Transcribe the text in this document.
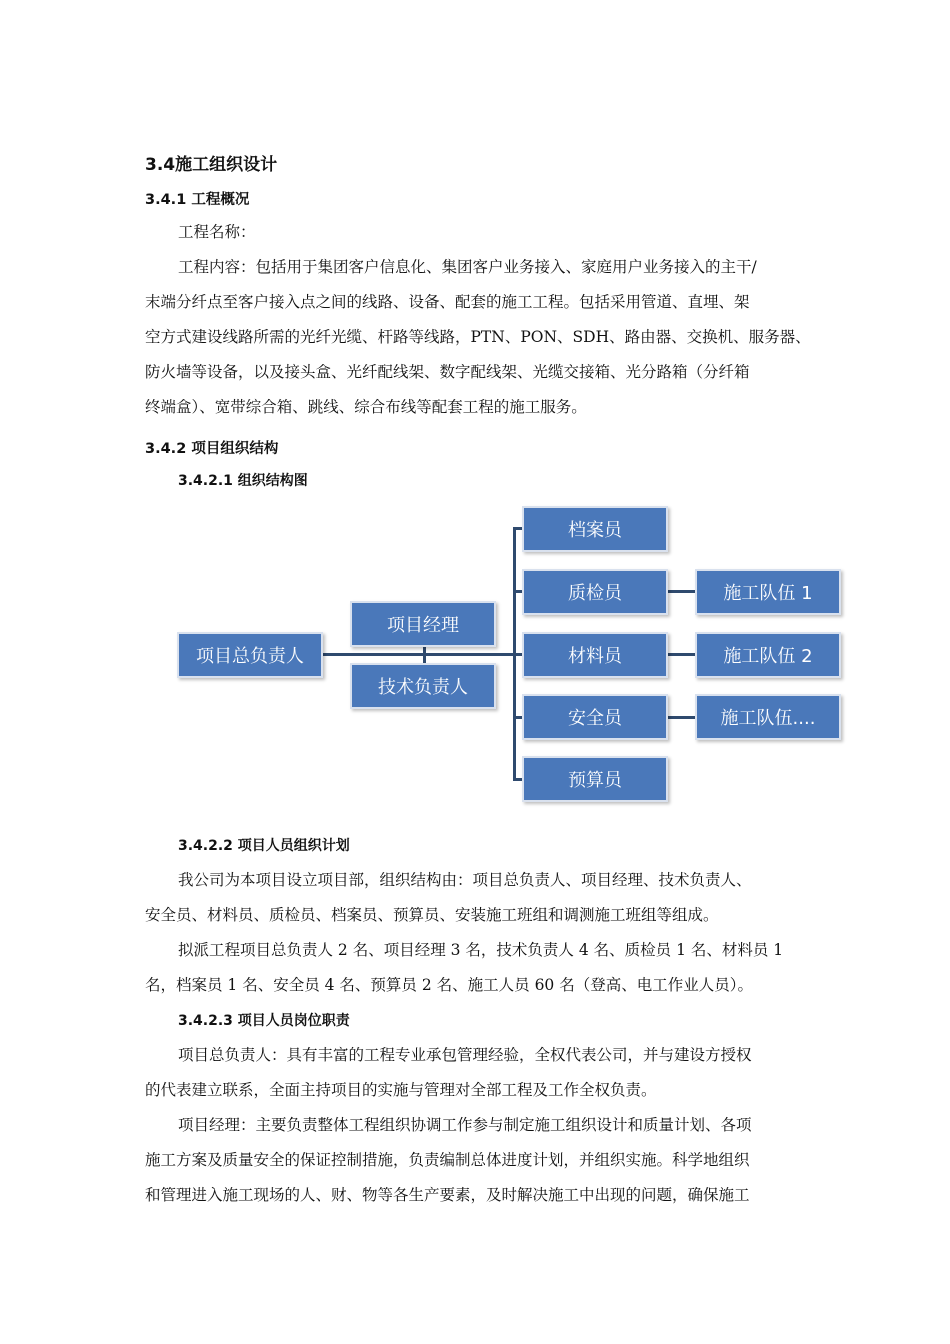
3.4施工组织设计
3.4.1 工程概况
工程名称：
工程内容：包括用于集团客户信息化、集团客户业务接入、家庭用户业务接入的主干/
末端分纤点至客户接入点之间的线路、设备、配套的施工工程。包括采用管道、直埋、架
空方式建设线路所需的光纤光缆、杆路等线路，PTN、PON、SDH、路由器、交换机、服务器、
防火墙等设备，以及接头盒、光纤配线架、数字配线架、光缆交接箱、光分路箱（分纤箱
终端盒）、宽带综合箱、跳线、综合布线等配套工程的施工服务。
3.4.2 项目组织结构
3.4.2.1 组织结构图
项目总负责人
项目经理
技术负责人
档案员
质检员
材料员
安全员
预算员
施工队伍 1
施工队伍 2
施工队伍....
3.4.2.2 项目人员组织计划
我公司为本项目设立项目部，组织结构由：项目总负责人、项目经理、技术负责人、
安全员、材料员、质检员、档案员、预算员、安装施工班组和调测施工班组等组成。
拟派工程项目总负责人 2 名、项目经理 3 名，技术负责人 4 名、质检员 1 名、材料员 1
名，档案员 1 名、安全员 4 名、预算员 2 名、施工人员 60 名（登高、电工作业人员）。
3.4.2.3 项目人员岗位职责
项目总负责人：具有丰富的工程专业承包管理经验，全权代表公司，并与建设方授权
的代表建立联系，全面主持项目的实施与管理对全部工程及工作全权负责。
项目经理：主要负责整体工程组织协调工作参与制定施工组织设计和质量计划、各项
施工方案及质量安全的保证控制措施，负责编制总体进度计划，并组织实施。科学地组织
和管理进入施工现场的人、财、物等各生产要素，及时解决施工中出现的问题，确保施工
